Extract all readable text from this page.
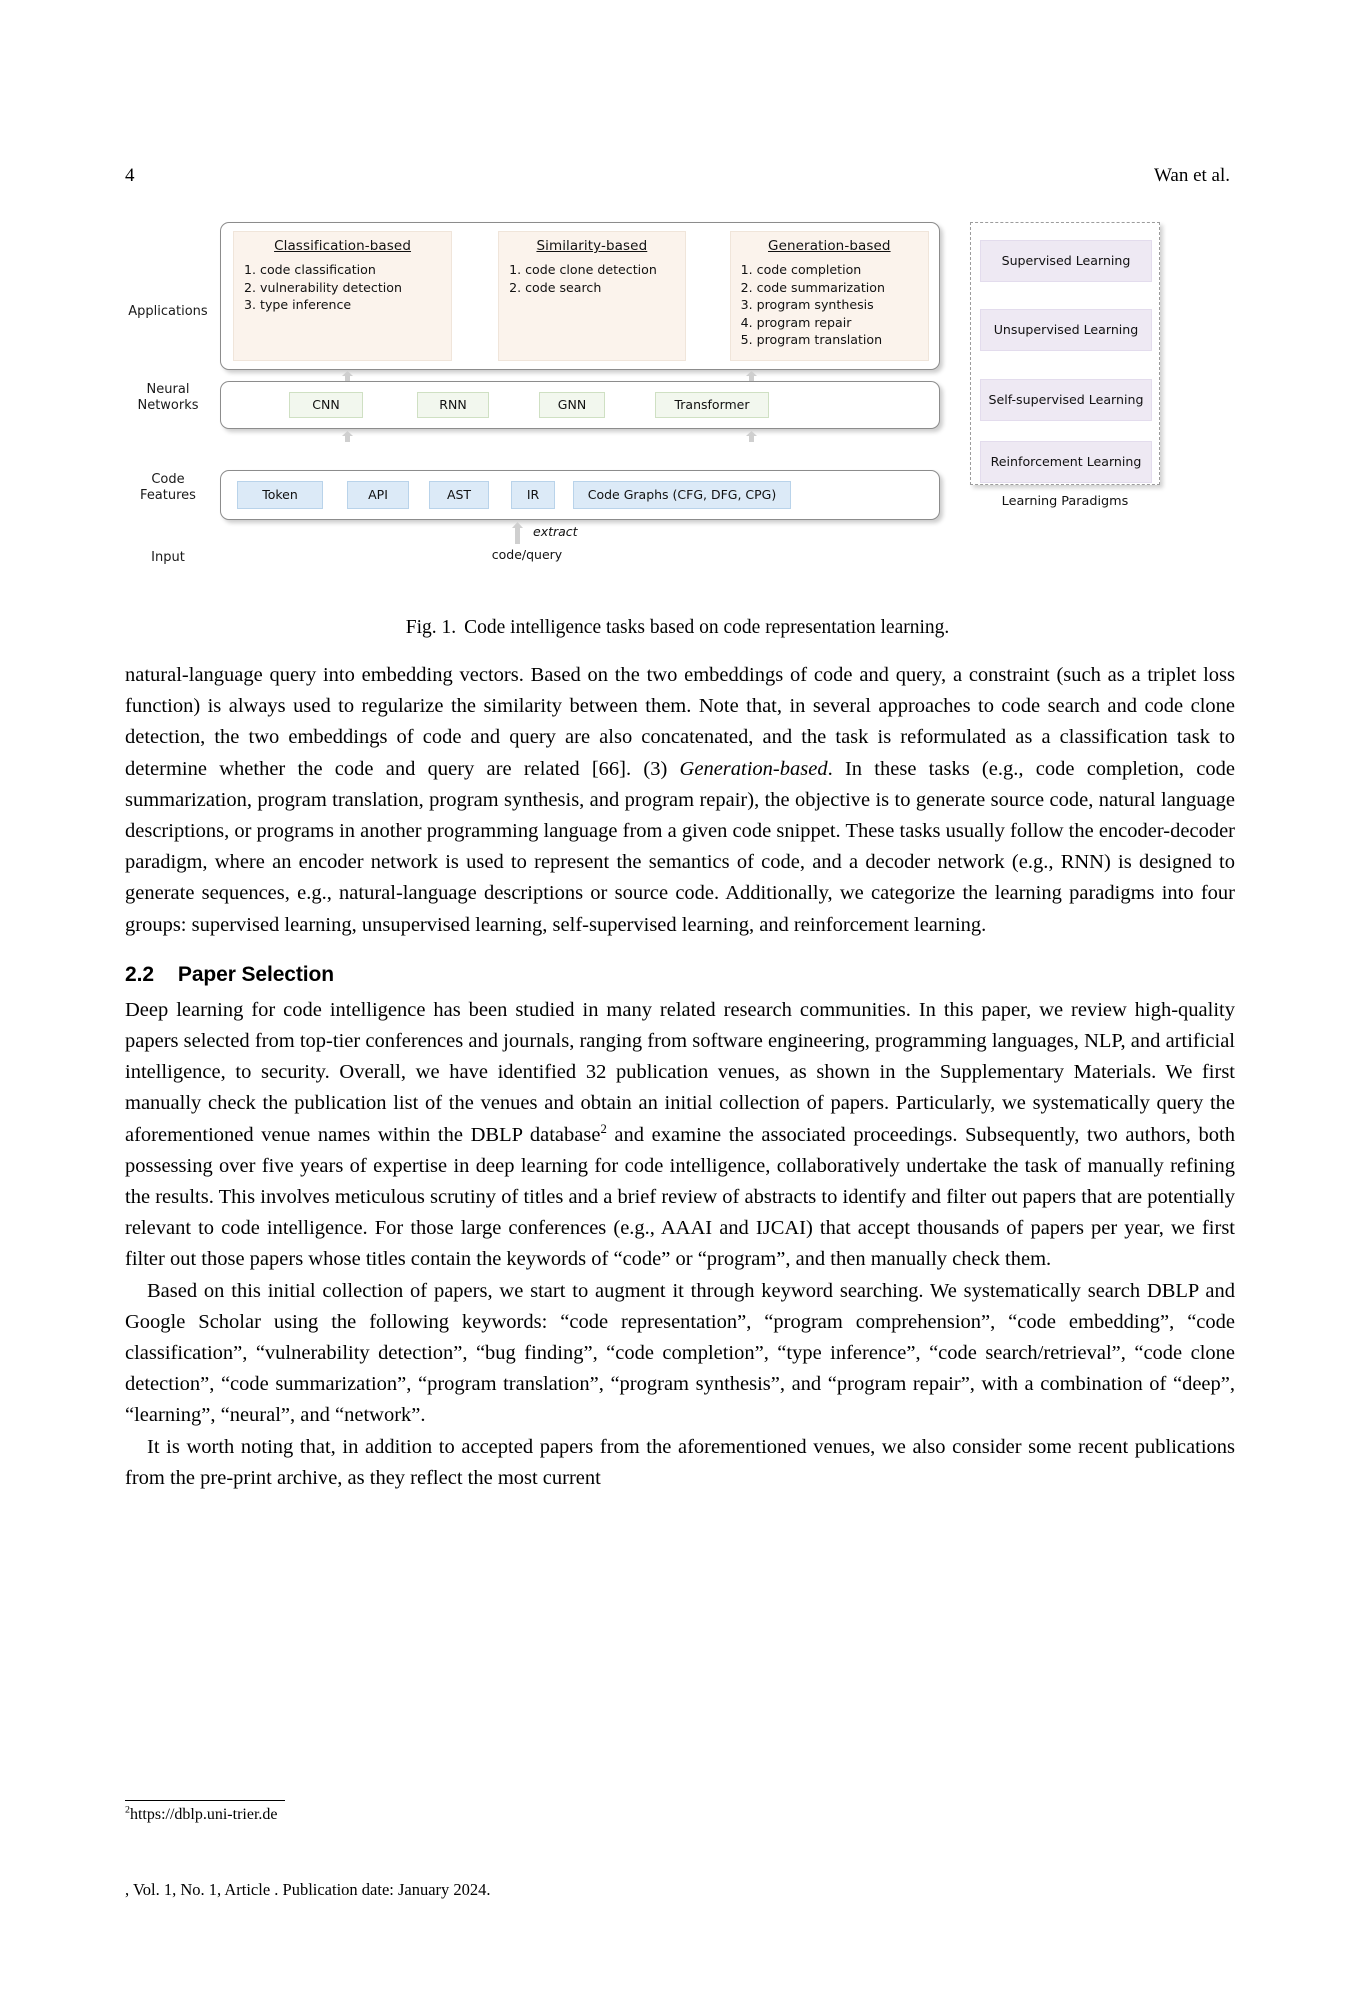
4	Wan et al.
Applications
Neural
Networks
Code
Features
Input
Classification-based
1. code classification
2. vulnerability detection
3. type inference
Similarity-based
1. code clone detection
2. code search
Generation-based
1. code completion
2. code summarization
3. program synthesis
4. program repair
5. program translation
CNN	RNN	GNN	Transformer
Token	API	AST	IR	Code Graphs (CFG, DFG, CPG)
extract
code/query
Supervised Learning
Unsupervised Learning
Self-supervised Learning
Reinforcement Learning
Learning Paradigms
Fig. 1. Code intelligence tasks based on code representation learning.

natural-language query into embedding vectors. Based on the two embeddings of code and query, a constraint (such as a triplet loss function) is always used to regularize the similarity between them. Note that, in several approaches to code search and code clone detection, the two embeddings of code and query are also concatenated, and the task is reformulated as a classification task to determine whether the code and query are related [66]. (3) Generation-based. In these tasks (e.g., code completion, code summarization, program translation, program synthesis, and program repair), the objective is to generate source code, natural language descriptions, or programs in another programming language from a given code snippet. These tasks usually follow the encoder-decoder paradigm, where an encoder network is used to represent the semantics of code, and a decoder network (e.g., RNN) is designed to generate sequences, e.g., natural-language descriptions or source code. Additionally, we categorize the learning paradigms into four groups: supervised learning, unsupervised learning, self-supervised learning, and reinforcement learning.

2.2 Paper Selection

Deep learning for code intelligence has been studied in many related research communities. In this paper, we review high-quality papers selected from top-tier conferences and journals, ranging from software engineering, programming languages, NLP, and artificial intelligence, to security. Overall, we have identified 32 publication venues, as shown in the Supplementary Materials. We first manually check the publication list of the venues and obtain an initial collection of papers. Particularly, we systematically query the aforementioned venue names within the DBLP database$^2$ and examine the associated proceedings. Subsequently, two authors, both possessing over five years of expertise in deep learning for code intelligence, collaboratively undertake the task of manually refining the results. This involves meticulous scrutiny of titles and a brief review of abstracts to identify and filter out papers that are potentially relevant to code intelligence. For those large conferences (e.g., AAAI and IJCAI) that accept thousands of papers per year, we first filter out those papers whose titles contain the keywords of “code” or “program”, and then manually check them.

Based on this initial collection of papers, we start to augment it through keyword searching. We systematically search DBLP and Google Scholar using the following keywords: “code representation”, “program comprehension”, “code embedding”, “code classification”, “vulnerability detection”, “bug finding”, “code completion”, “type inference”, “code search/retrieval”, “code clone detection”, “code summarization”, “program translation”, “program synthesis”, and “program repair”, with a combination of “deep”, “learning”, “neural”, and “network”.

It is worth noting that, in addition to accepted papers from the aforementioned venues, we also consider some recent publications from the pre-print archive, as they reflect the most current

$^2$https://dblp.uni-trier.de
, Vol. 1, No. 1, Article . Publication date: January 2024.
